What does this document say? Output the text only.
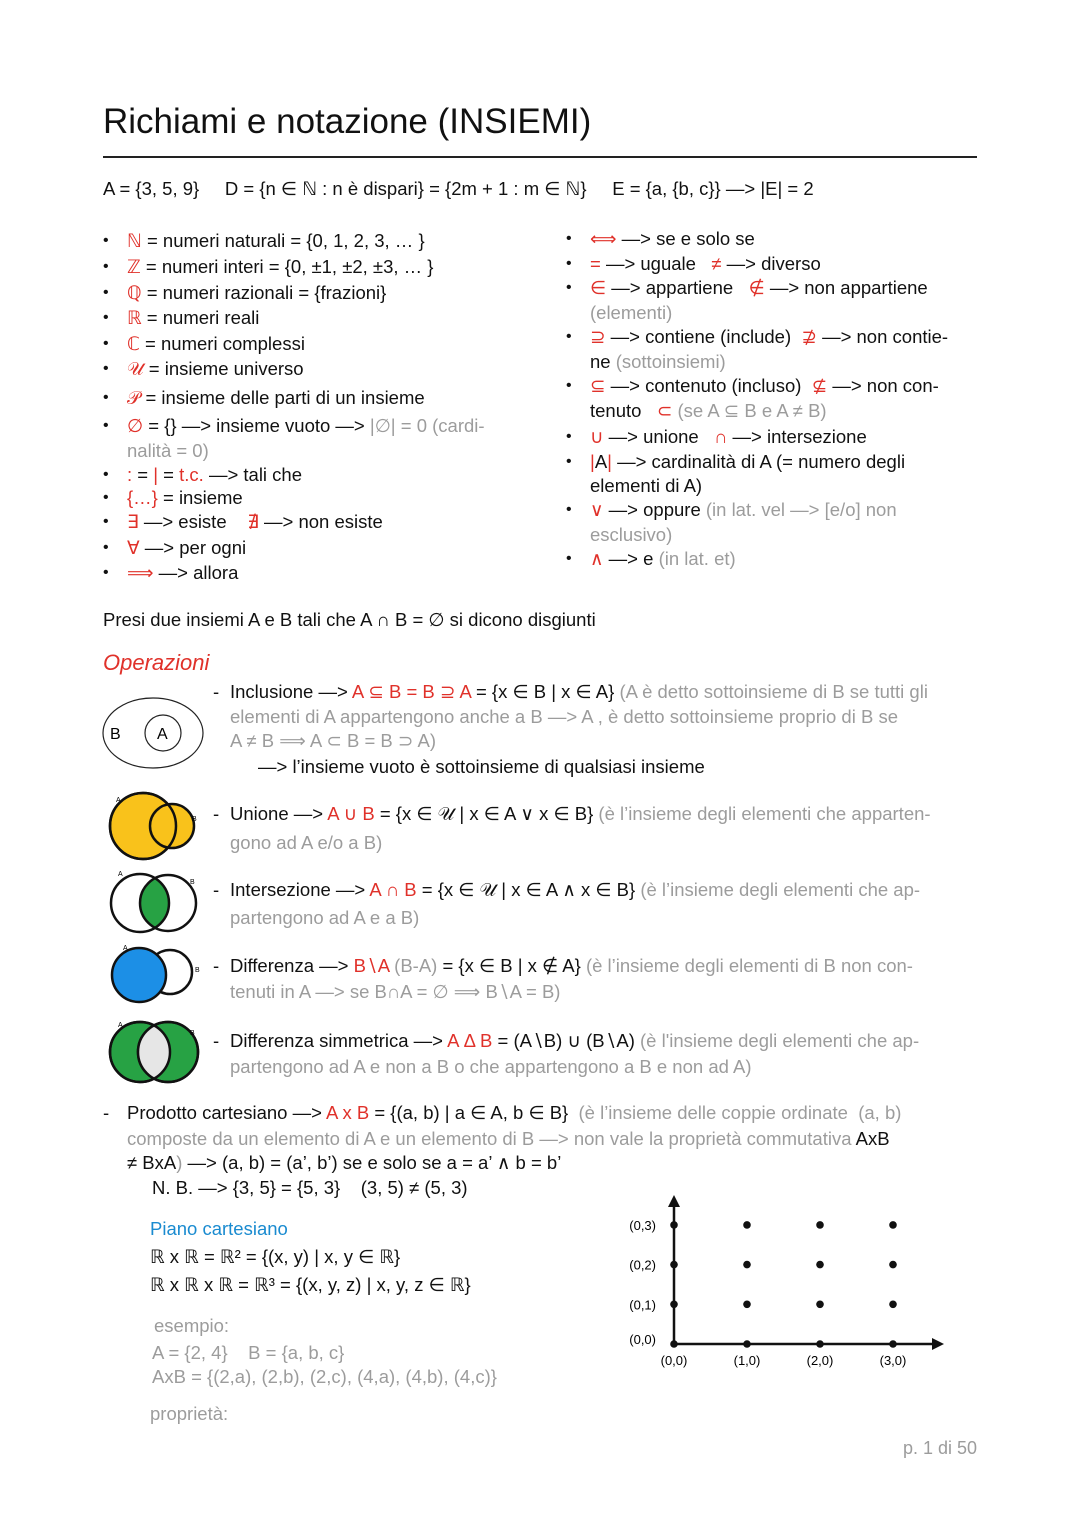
Richiami e notazione (INSIEMI)
A = {3, 5, 9}     D = {n ∈ ℕ : n è dispari} = {2m + 1 : m ∈ ℕ}     E = {a, {b, c}} —> |E| = 2
• ℕ = numeri naturali = {0, 1, 2, 3, … }
• ℤ = numeri interi = {0, ±1, ±2, ±3, … }
• ℚ = numeri razionali = {frazioni}
• ℝ = numeri reali
• ℂ = numeri complessi
• 𝒰 = insieme universo
• 𝒫 = insieme delle parti di un insieme
• ∅ = {} —> insieme vuoto —> |∅| = 0 (cardi-
nalità = 0)
• : = | = t.c. —> tali che
• {…} = insieme
• ∃ —> esiste    ∄ —> non esiste
• ∀ —> per ogni
• ⟹ —> allora
• ⟺ —> se e solo se
• = —> uguale   ≠ —> diverso
• ∈ —> appartiene   ∉ —> non appartiene
(elementi)
• ⊇ —> contiene (include)  ⊉ —> non contie-
ne (sottoinsiemi)
• ⊆ —> contenuto (incluso)  ⊈ —> non con-
tenuto   ⊂ (se A ⊆ B e A ≠ B)
• ∪ —> unione   ∩ —> intersezione
• |A| —> cardinalità di A (= numero degli
elementi di A)
• ∨ —> oppure (in lat. vel —> [e/o] non
esclusivo)
• ∧ —> e (in lat. et)
Presi due insiemi A e B tali che A ∩ B = ∅ si dicono disgiunti
Operazioni
B A
A
B
A
B
A
B
A
B
- Inclusione —> A ⊆ B = B ⊇ A = {x ∈ B | x ∈ A} (A è detto sottoinsieme di B se tutti gli
elementi di A appartengono anche a B —> A , è detto sottoinsieme proprio di B se
A ≠ B ⟹ A ⊂ B = B ⊃ A)
—> l’insieme vuoto è sottoinsieme di qualsiasi insieme
- Unione —> A ∪ B = {x ∈ 𝒰 | x ∈ A ∨ x ∈ B} (è l’insieme degli elementi che apparten-
gono ad A e/o a B)
- Intersezione —> A ∩ B = {x ∈ 𝒰 | x ∈ A ∧ x ∈ B} (è l’insieme degli elementi che ap-
partengono ad A e a B)
- Differenza —> B∖A (B-A) = {x ∈ B | x ∉ A} (è l’insieme degli elementi di B non con-
tenuti in A —> se B∩A = ∅ ⟹ B∖A = B)
- Differenza simmetrica —> A Δ B = (A∖B) ∪ (B∖A) (è l'insieme degli elementi che ap-
partengono ad A e non a B o che appartengono a B e non ad A)
- Prodotto cartesiano —> A x B = {(a, b) | a ∈ A, b ∈ B}  (è l’insieme delle coppie ordinate  (a, b)
composte da un elemento di A e un elemento di B —> non vale la proprietà commutativa AxB
≠ BxA) —> (a, b) = (a’, b’) se e solo se a = a’ ∧ b = b’
N. B. —> {3, 5} = {5, 3}    (3, 5) ≠ (5, 3)
Piano cartesiano
ℝ x ℝ = ℝ² = {(x, y) | x, y ∈ ℝ}
ℝ x ℝ x ℝ = ℝ³ = {(x, y, z) | x, y, z ∈ ℝ}
esempio:
A = {2, 4}    B = {a, b, c}
AxB = {(2,a), (2,b), (2,c), (4,a), (4,b), (4,c)}
proprietà:
(0,0)	(1,0)	(2,0)	(3,0)
(0,0)
(0,1)
(0,2)
(0,3)
p. 1 di 50
